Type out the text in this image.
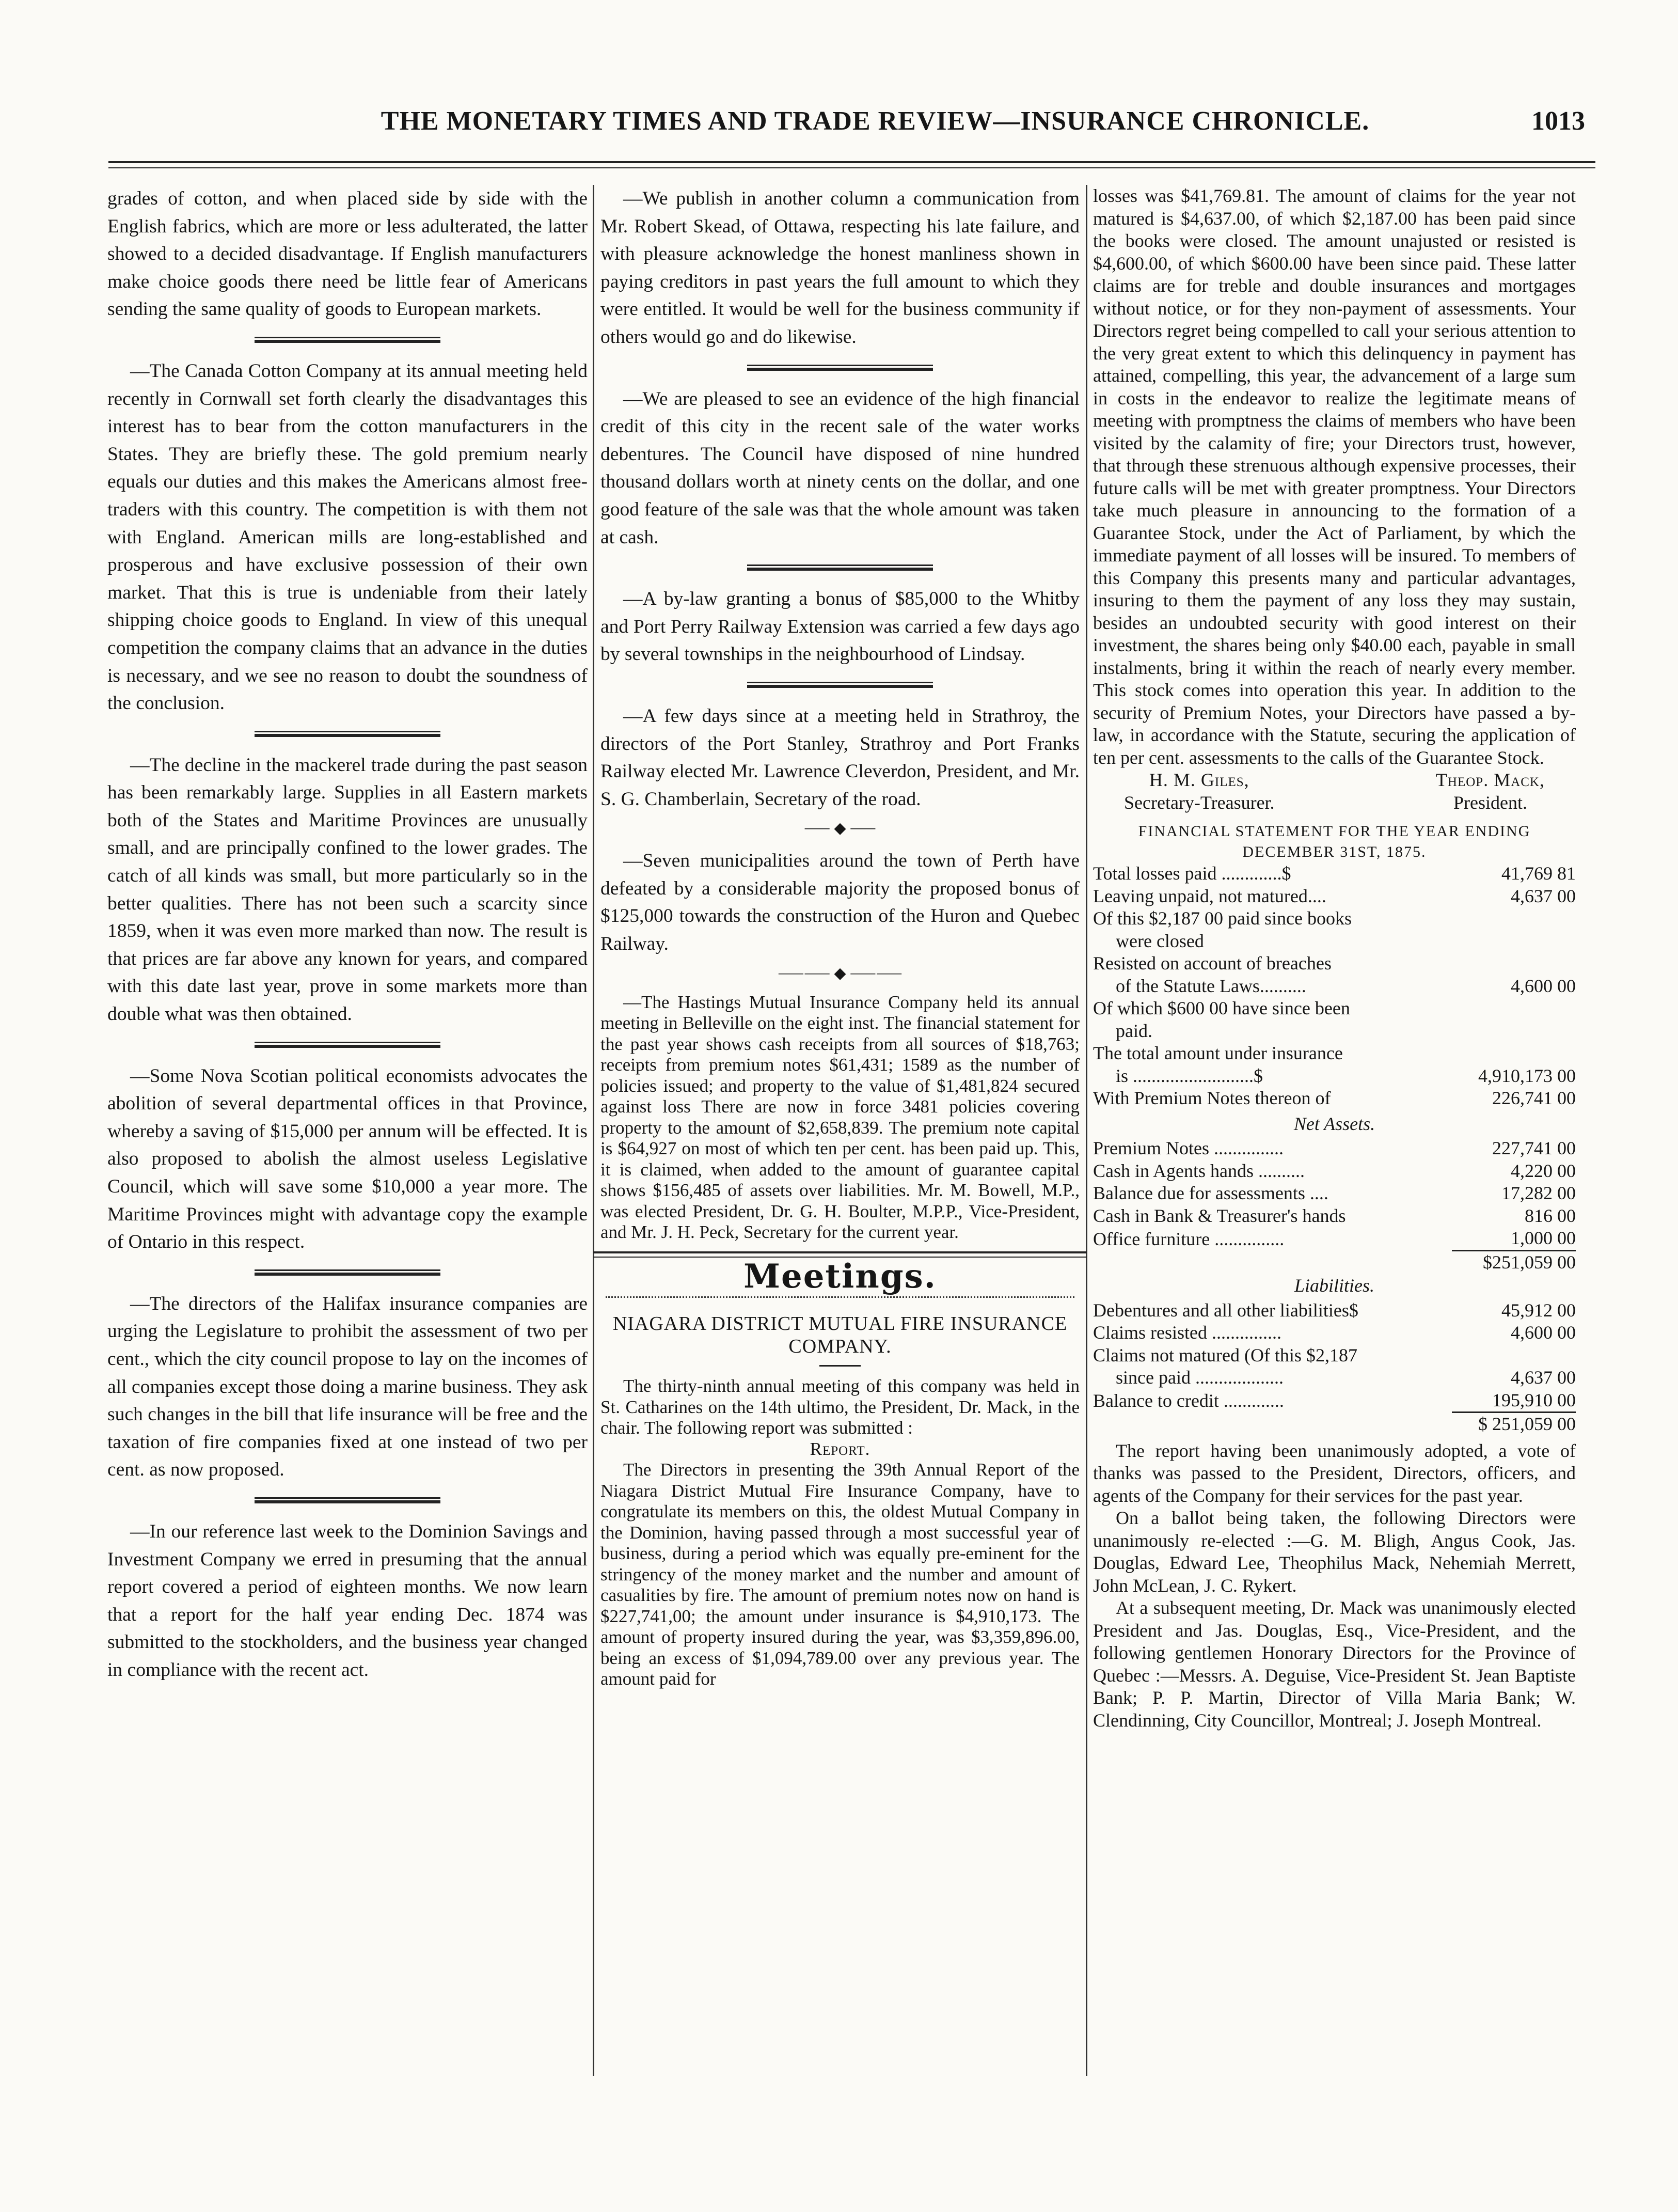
THE MONETARY TIMES AND TRADE REVIEW—INSURANCE CHRONICLE.	1013

grades of cotton, and when placed side by side with the English fabrics, which are more or less adulterated, the latter showed to a decided disadvantage. If English manufacturers make choice goods there need be little fear of Americans sending the same quality of goods to European markets.

—The Canada Cotton Company at its annual meeting held recently in Cornwall set forth clearly the disadvantages this interest has to bear from the cotton manufacturers in the States. They are briefly these. The gold premium nearly equals our duties and this makes the Americans almost free-traders with this country. The competition is with them not with England. American mills are long-established and prosperous and have exclusive possession of their own market. That this is true is undeniable from their lately shipping choice goods to England. In view of this unequal competition the company claims that an advance in the duties is necessary, and we see no reason to doubt the soundness of the conclusion.

—The decline in the mackerel trade during the past season has been remarkably large. Supplies in all Eastern markets both of the States and Maritime Provinces are unusually small, and are principally confined to the lower grades. The catch of all kinds was small, but more particularly so in the better qualities. There has not been such a scarcity since 1859, when it was even more marked than now. The result is that prices are far above any known for years, and compared with this date last year, prove in some markets more than double what was then obtained.

—Some Nova Scotian political economists advocates the abolition of several departmental offices in that Province, whereby a saving of $15,000 per annum will be effected. It is also proposed to abolish the almost useless Legislative Council, which will save some $10,000 a year more. The Maritime Provinces might with advantage copy the example of Ontario in this respect.

—The directors of the Halifax insurance companies are urging the Legislature to prohibit the assessment of two per cent., which the city council propose to lay on the incomes of all companies except those doing a marine business. They ask such changes in the bill that life insurance will be free and the taxation of fire companies fixed at one instead of two per cent. as now proposed.

—In our reference last week to the Dominion Savings and Investment Company we erred in presuming that the annual report covered a period of eighteen months. We now learn that a report for the half year ending Dec. 1874 was submitted to the stockholders, and the business year changed in compliance with the recent act.

—We publish in another column a communication from Mr. Robert Skead, of Ottawa, respecting his late failure, and with pleasure acknowledge the honest manliness shown in paying creditors in past years the full amount to which they were entitled. It would be well for the business community if others would go and do likewise.

—We are pleased to see an evidence of the high financial credit of this city in the recent sale of the water works debentures. The Council have disposed of nine hundred thousand dollars worth at ninety cents on the dollar, and one good feature of the sale was that the whole amount was taken at cash.

—A by-law granting a bonus of $85,000 to the Whitby and Port Perry Railway Extension was carried a few days ago by several townships in the neighbourhood of Lindsay.

—A few days since at a meeting held in Strathroy, the directors of the Port Stanley, Strathroy and Port Franks Railway elected Mr. Lawrence Cleverdon, President, and Mr. S. G. Chamberlain, Secretary of the road.

⸺ ◆ ⸺

—Seven municipalities around the town of Perth have defeated by a considerable majority the proposed bonus of $125,000 towards the construction of the Huron and Quebec Railway.

⸺⸺ ◆ ⸺⸺

—The Hastings Mutual Insurance Company held its annual meeting in Belleville on the eight inst. The financial statement for the past year shows cash receipts from all sources of $18,763; receipts from premium notes $61,431; 1589 as the number of policies issued; and property to the value of $1,481,824 secured against loss There are now in force 3481 policies covering property to the amount of $2,658,839. The premium note capital is $64,927 on most of which ten per cent. has been paid up. This, it is claimed, when added to the amount of guarantee capital shows $156,485 of assets over liabilities. Mr. M. Bowell, M.P., was elected President, Dr. G. H. Boulter, M.P.P., Vice-President, and Mr. J. H. Peck, Secretary for the current year.

Meetings.
NIAGARA DISTRICT MUTUAL FIRE INSURANCE COMPANY.

The thirty-ninth annual meeting of this company was held in St. Catharines on the 14th ultimo, the President, Dr. Mack, in the chair. The following report was submitted :

Report.

The Directors in presenting the 39th Annual Report of the Niagara District Mutual Fire Insurance Company, have to congratulate its members on this, the oldest Mutual Company in the Dominion, having passed through a most successful year of business, during a period which was equally pre-eminent for the stringency of the money market and the number and amount of casualities by fire. The amount of premium notes now on hand is $227,741,00; the amount under insurance is $4,910,173. The amount of property insured during the year, was $3,359,896.00, being an excess of $1,094,789.00 over any previous year. The amount paid for

losses was $41,769.81. The amount of claims for the year not matured is $4,637.00, of which $2,187.00 has been paid since the books were closed. The amount unajusted or resisted is $4,600.00, of which $600.00 have been since paid. These latter claims are for treble and double insurances and mortgages without notice, or for they non-payment of assessments. Your Directors regret being compelled to call your serious attention to the very great extent to which this delinquency in payment has attained, compelling, this year, the advancement of a large sum in costs in the endeavor to realize the legitimate means of meeting with promptness the claims of members who have been visited by the calamity of fire; your Directors trust, however, that through these strenuous although expensive processes, their future calls will be met with greater promptness. Your Directors take much pleasure in announcing to the formation of a Guarantee Stock, under the Act of Parliament, by which the immediate payment of all losses will be insured. To members of this Company this presents many and particular advantages, insuring to them the payment of any loss they may sustain, besides an undoubted security with good interest on their investment, the shares being only $40.00 each, payable in small instalments, bring it within the reach of nearly every member. This stock comes into operation this year. In addition to the security of Premium Notes, your Directors have passed a by-law, in accordance with the Statute, securing the application of ten per cent. assessments to the calls of the Guarantee Stock.

H. M. Giles,
Secretary-Treasurer.
Theop. Mack,
President.
FINANCIAL STATEMENT FOR THE YEAR ENDING
DECEMBER 31ST, 1875.
Total losses paid .............$	41,769 81
Leaving unpaid, not matured....	4,637 00
Of this $2,187 00 paid since books	
were closed	
Resisted on account of breaches	
of the Statute Laws..........	4,600 00
Of which $600 00 have since been	
paid.	
The total amount under insurance	
is ..........................$	4,910,173 00
With Premium Notes thereon of	226,741 00
Net Assets.
Premium Notes ...............	227,741 00
Cash in Agents hands ..........	4,220 00
Balance due for assessments ....	17,282 00
Cash in Bank & Treasurer's hands	816 00
Office furniture ...............	1,000 00
	$251,059 00
Liabilities.
Debentures and all other liabilities$	45,912 00
Claims resisted ...............	4,600 00
Claims not matured (Of this $2,187	
since paid ...................	4,637 00
Balance to credit .............	195,910 00
	$ 251,059 00

The report having been unanimously adopted, a vote of thanks was passed to the President, Directors, officers, and agents of the Company for their services for the past year.

On a ballot being taken, the following Directors were unanimously re-elected :—G. M. Bligh, Angus Cook, Jas. Douglas, Edward Lee, Theophilus Mack, Nehemiah Merrett, John McLean, J. C. Rykert.

At a subsequent meeting, Dr. Mack was unanimously elected President and Jas. Douglas, Esq., Vice-President, and the following gentlemen Honorary Directors for the Province of Quebec :—Messrs. A. Deguise, Vice-President St. Jean Baptiste Bank; P. P. Martin, Director of Villa Maria Bank; W. Clendinning, City Councillor, Montreal; J. Joseph Montreal.
